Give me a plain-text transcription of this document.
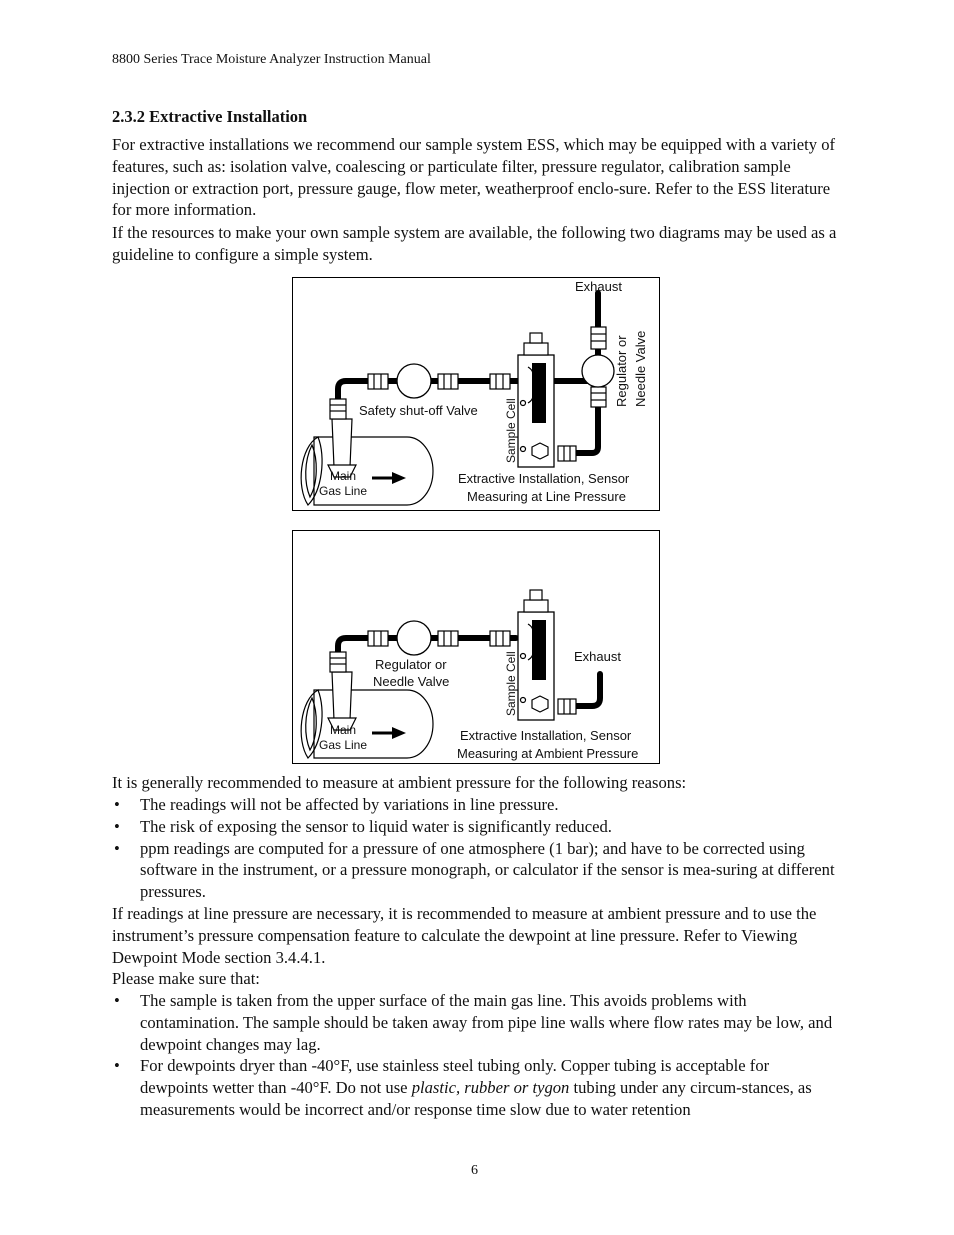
8800 Series Trace Moisture Analyzer Instruction Manual
2.3.2 Extractive Installation

For extractive installations we recommend our sample system ESS, which may be equipped with a variety of features, such as: isolation valve, coalescing or particulate filter, pressure regulator, calibration sample injection or extraction port, pressure gauge, flow meter, weatherproof enclo-sure. Refer to the ESS literature for more information.

If the resources to make your own sample system are available, the following two diagrams may be used as a guideline to configure a simple system.

Exhaust
Regulator or Needle Valve
Safety shut-off Valve Sample Cell
Main
Gas Line
Extractive Installation, Sensor
Measuring at Line Pressure
Exhaust
Regulator or
Needle Valve	Sample Cell
Main
Gas Line
Extractive Installation, Sensor
Measuring at Ambient Pressure

It is generally recommended to measure at ambient pressure for the following reasons:

• The readings will not be affected by variations in line pressure.
• The risk of exposing the sensor to liquid water is significantly reduced.
• ppm readings are computed for a pressure of one atmosphere (1 bar); and have to be corrected using software in the instrument, or a pressure monograph, or calculator if the sensor is mea-suring at different pressures.

If readings at line pressure are necessary, it is recommended to measure at ambient pressure and to use the instrument’s pressure compensation feature to calculate the dewpoint at line pressure. Refer to Viewing Dewpoint Mode section 3.4.4.1.

Please make sure that:

• The sample is taken from the upper surface of the main gas line. This avoids problems with contamination. The sample should be taken away from pipe line walls where flow rates may be low, and dewpoint changes may lag.
• For dewpoints dryer than -40°F, use stainless steel tubing only. Copper tubing is acceptable for dewpoints wetter than -40°F. Do not use plastic, rubber or tygon tubing under any circum-stances, as measurements would be incorrect and/or response time slow due to water retention
6
